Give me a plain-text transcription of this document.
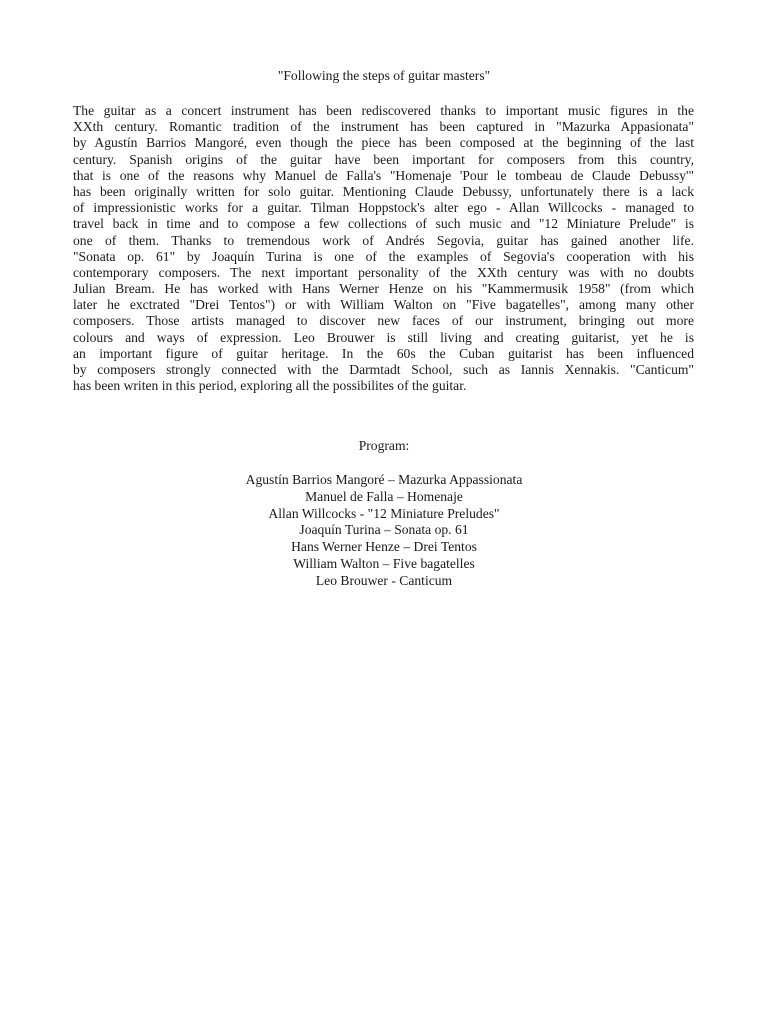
"Following the steps of guitar masters"
The guitar as a concert instrument has been rediscovered thanks to important music figures in the
XXth century. Romantic tradition of the instrument has been captured in "Mazurka Appasionata"
by Agustín Barrios Mangoré, even though the piece has been composed at the beginning of the last
century. Spanish origins of the guitar have been important for composers from this country,
that is one of the reasons why Manuel de Falla's "Homenaje 'Pour le tombeau de Claude Debussy'"
has been originally written for solo guitar. Mentioning Claude Debussy, unfortunately there is a lack
of impressionistic works for a guitar. Tilman Hoppstock's alter ego - Allan Willcocks - managed to
travel back in time and to compose a few collections of such music and "12 Miniature Prelude" is
one of them. Thanks to tremendous work of Andrés Segovia, guitar has gained another life.
"Sonata op. 61" by Joaquín Turina is one of the examples of Segovia's cooperation with his
contemporary composers. The next important personality of the XXth century was with no doubts
Julian Bream. He has worked with Hans Werner Henze on his "Kammermusik 1958" (from which
later he exctrated "Drei Tentos") or with William Walton on "Five bagatelles", among many other
composers. Those artists managed to discover new faces of our instrument, bringing out more
colours and ways of expression. Leo Brouwer is still living and creating guitarist, yet he is
an important figure of guitar heritage. In the 60s the Cuban guitarist has been influenced
by composers strongly connected with the Darmtadt School, such as Iannis Xennakis. "Canticum"
has been writen in this period, exploring all the possibilites of the guitar.

Program:

Agustín Barrios Mangoré – Mazurka Appassionata
Manuel de Falla – Homenaje
Allan Willcocks - "12 Miniature Preludes"
Joaquín Turina – Sonata op. 61
Hans Werner Henze – Drei Tentos
William Walton – Five bagatelles
Leo Brouwer - Canticum
